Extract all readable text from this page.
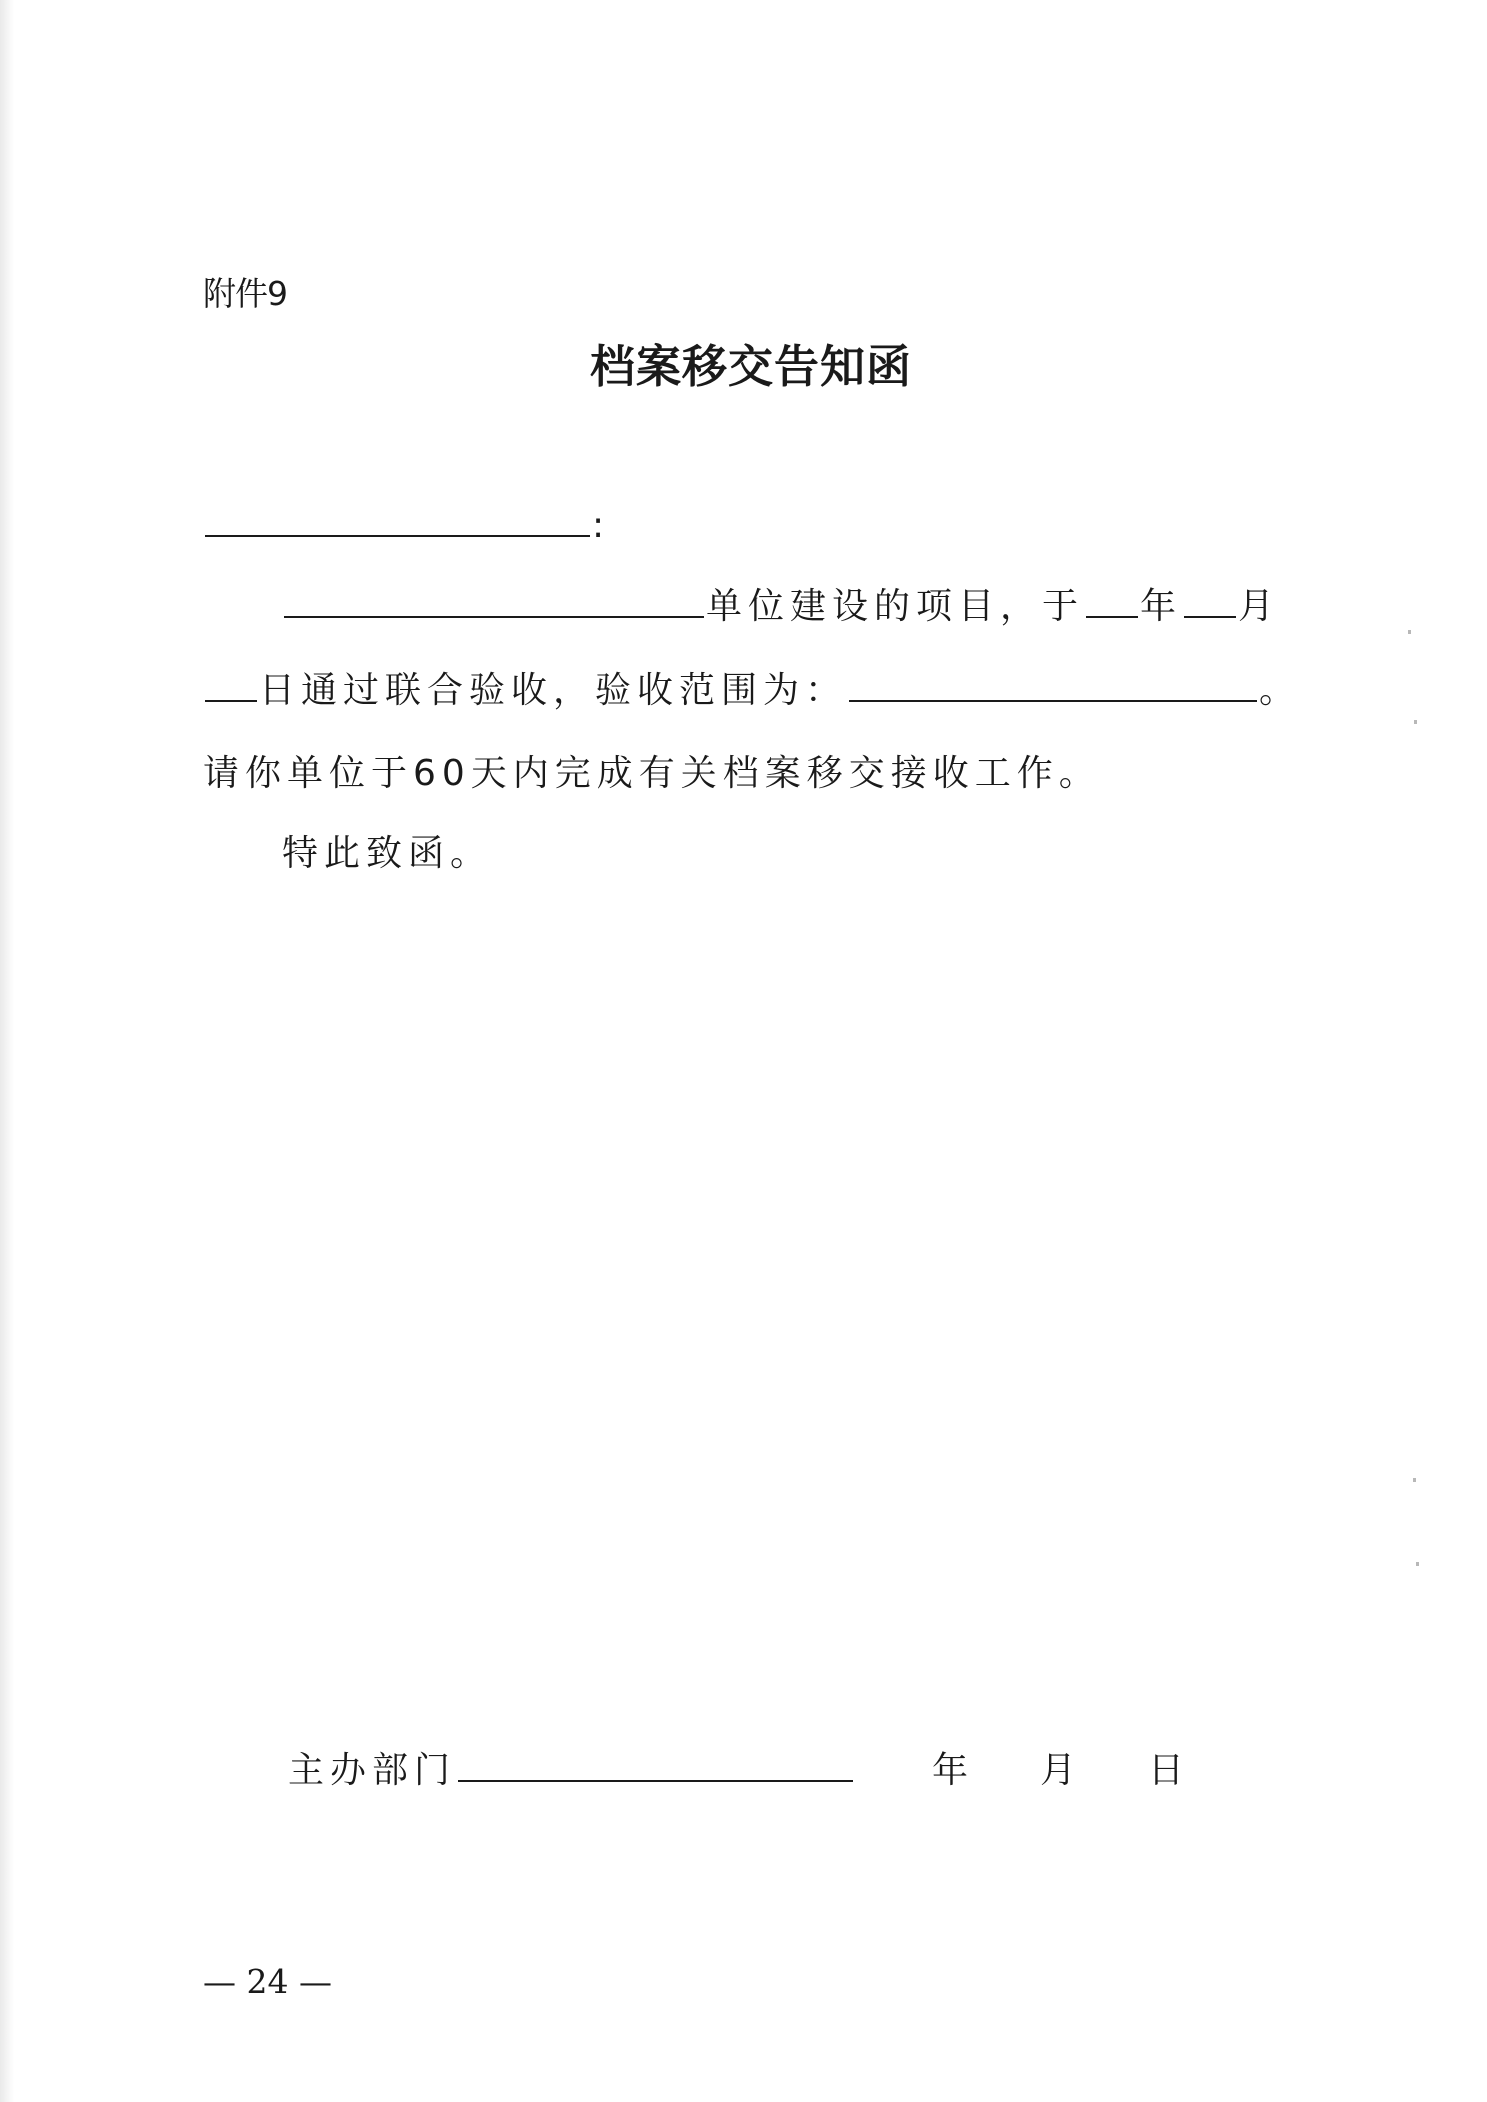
附件9
档案移交告知函
:
单位建设的项目，于 年 月
日通过联合验收，验收范围为：	。
请你单位于60天内完成有关档案移交接收工作。
特此致函。
主办部门	年 月 日
— 24 —
